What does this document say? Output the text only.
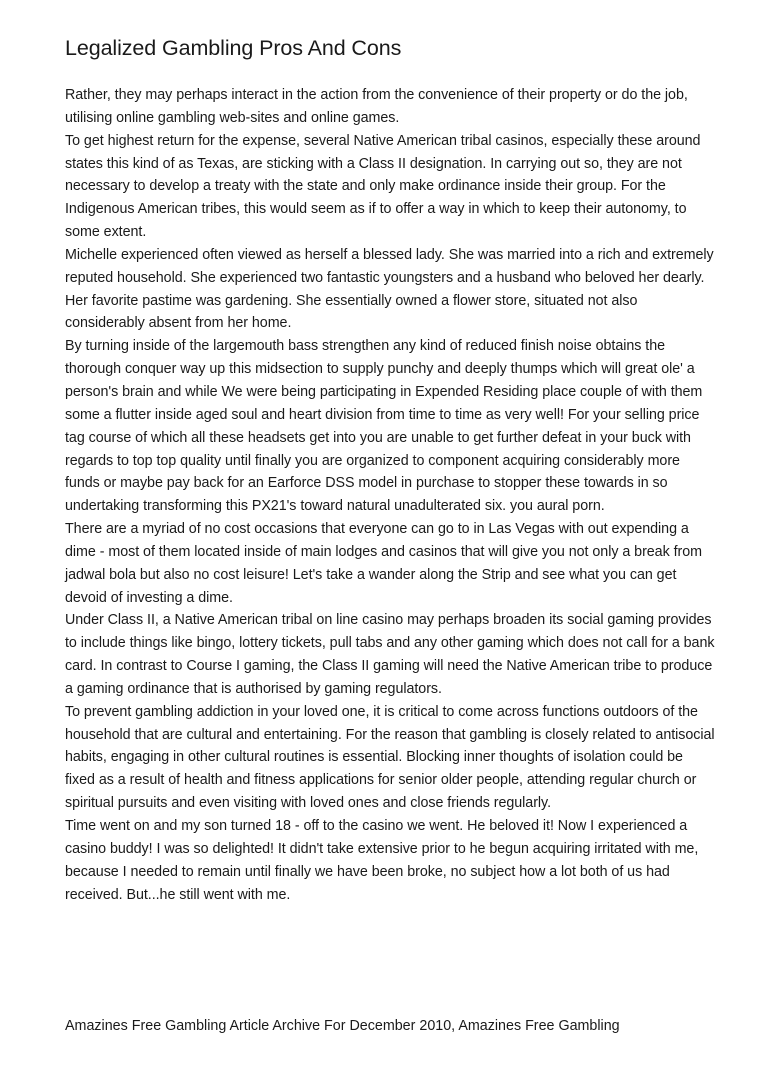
Legalized Gambling Pros And Cons

Rather, they may perhaps interact in the action from the convenience of their property or do the job, utilising online gambling web-sites and online games.

To get highest return for the expense, several Native American tribal casinos, especially these around states this kind of as Texas, are sticking with a Class II designation. In carrying out so, they are not necessary to develop a treaty with the state and only make ordinance inside their group. For the Indigenous American tribes, this would seem as if to offer a way in which to keep their autonomy, to some extent.

Michelle experienced often viewed as herself a blessed lady. She was married into a rich and extremely reputed household. She experienced two fantastic youngsters and a husband who beloved her dearly. Her favorite pastime was gardening. She essentially owned a flower store, situated not also considerably absent from her home.

By turning inside of the largemouth bass strengthen any kind of reduced finish noise obtains the thorough conquer way up this midsection to supply punchy and deeply thumps which will great ole' a person's brain and while We were being participating in Expended Residing place couple of with them some a flutter inside aged soul and heart division from time to time as very well! For your selling price tag course of which all these headsets get into you are unable to get further defeat in your buck with regards to top top quality until finally you are organized to component acquiring considerably more funds or maybe pay back for an Earforce DSS model in purchase to stopper these towards in so undertaking transforming this PX21's toward natural unadulterated six. you aural porn.

There are a myriad of no cost occasions that everyone can go to in Las Vegas with out expending a dime - most of them located inside of main lodges and casinos that will give you not only a break from jadwal bola but also no cost leisure! Let's take a wander along the Strip and see what you can get devoid of investing a dime.

Under Class II, a Native American tribal on line casino may perhaps broaden its social gaming provides to include things like bingo, lottery tickets, pull tabs and any other gaming which does not call for a bank card. In contrast to Course I gaming, the Class II gaming will need the Native American tribe to produce a gaming ordinance that is authorised by gaming regulators.

To prevent gambling addiction in your loved one, it is critical to come across functions outdoors of the household that are cultural and entertaining. For the reason that gambling is closely related to antisocial habits, engaging in other cultural routines is essential. Blocking inner thoughts of isolation could be fixed as a result of health and fitness applications for senior older people, attending regular church or spiritual pursuits and even visiting with loved ones and close friends regularly.

Time went on and my son turned 18 - off to the casino we went. He beloved it! Now I experienced a casino buddy! I was so delighted! It didn't take extensive prior to he begun acquiring irritated with me, because I needed to remain until finally we have been broke, no subject how a lot both of us had received. But...he still went with me.

Amazines Free Gambling Article Archive For December 2010, Amazines Free Gambling
